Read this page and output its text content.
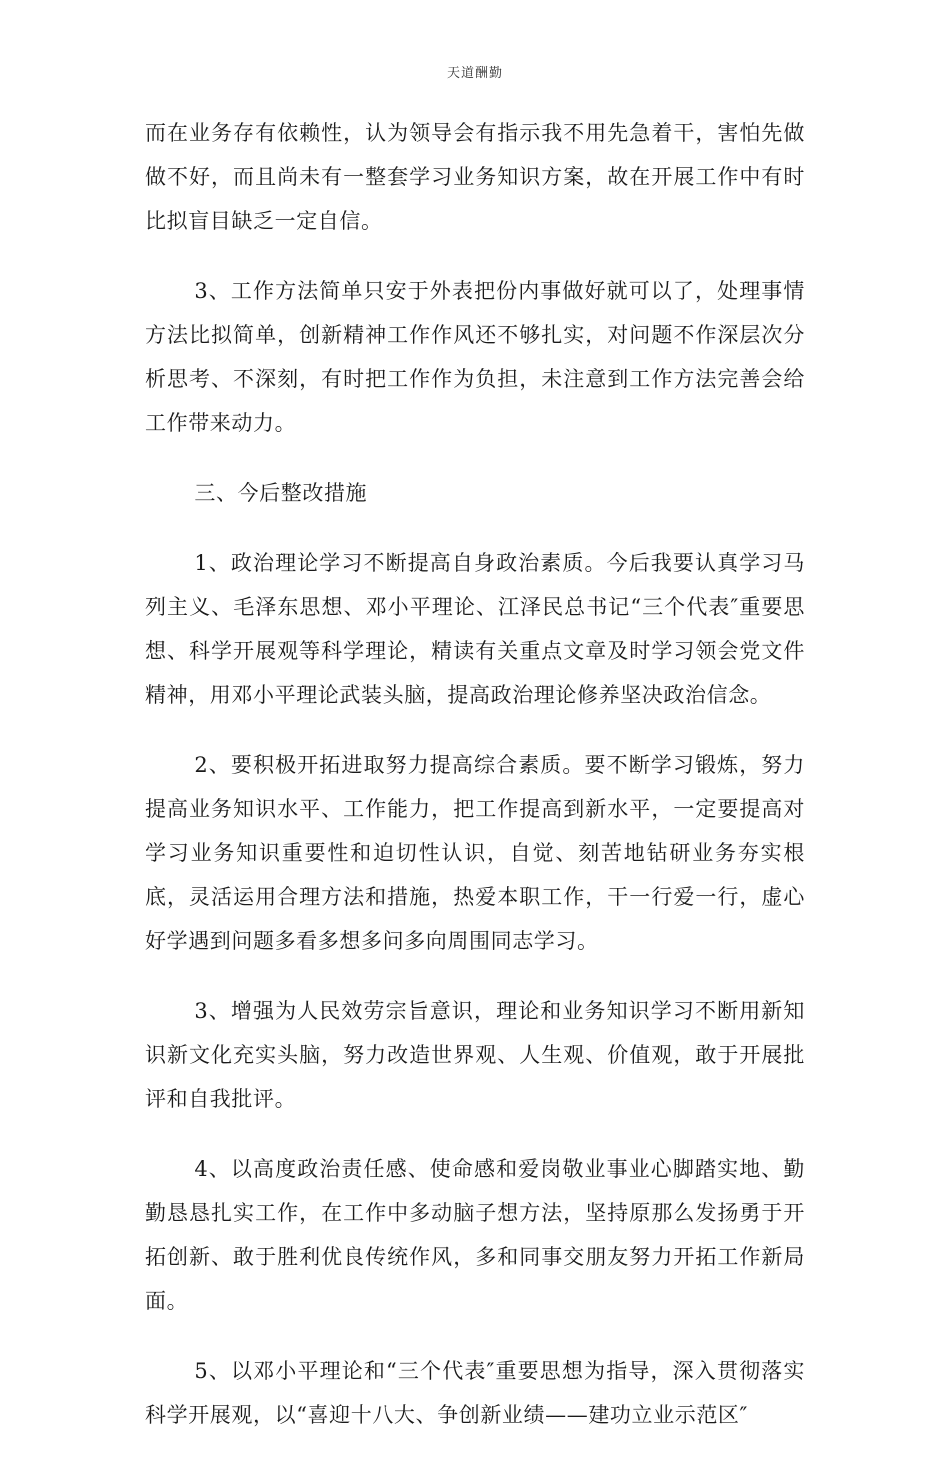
天道酬勤

而在业务存有依赖性，认为领导会有指示我不用先急着干，害怕先做做不好，而且尚未有一整套学习业务知识方案，故在开展工作中有时比拟盲目缺乏一定自信。

3、工作方法简单只安于外表把份内事做好就可以了，处理事情方法比拟简单，创新精神工作作风还不够扎实，对问题不作深层次分析思考、不深刻，有时把工作作为负担，未注意到工作方法完善会给工作带来动力。

三、今后整改措施

1、政治理论学习不断提高自身政治素质。今后我要认真学习马列主义、毛泽东思想、邓小平理论、江泽民总书记“三个代表″重要思想、科学开展观等科学理论，精读有关重点文章及时学习领会党文件精神，用邓小平理论武装头脑，提高政治理论修养坚决政治信念。

2、要积极开拓进取努力提高综合素质。要不断学习锻炼，努力提高业务知识水平、工作能力，把工作提高到新水平，一定要提高对学习业务知识重要性和迫切性认识，自觉、刻苦地钻研业务夯实根底，灵活运用合理方法和措施，热爱本职工作，干一行爱一行，虚心好学遇到问题多看多想多问多向周围同志学习。

3、增强为人民效劳宗旨意识，理论和业务知识学习不断用新知识新文化充实头脑，努力改造世界观、人生观、价值观，敢于开展批评和自我批评。

4、以高度政治责任感、使命感和爱岗敬业事业心脚踏实地、勤勤恳恳扎实工作，在工作中多动脑子想方法，坚持原那么发扬勇于开拓创新、敢于胜利优良传统作风，多和同事交朋友努力开拓工作新局面。

5、以邓小平理论和“三个代表″重要思想为指导，深入贯彻落实科学开展观，以“喜迎十八大、争创新业绩——建功立业示范区″
